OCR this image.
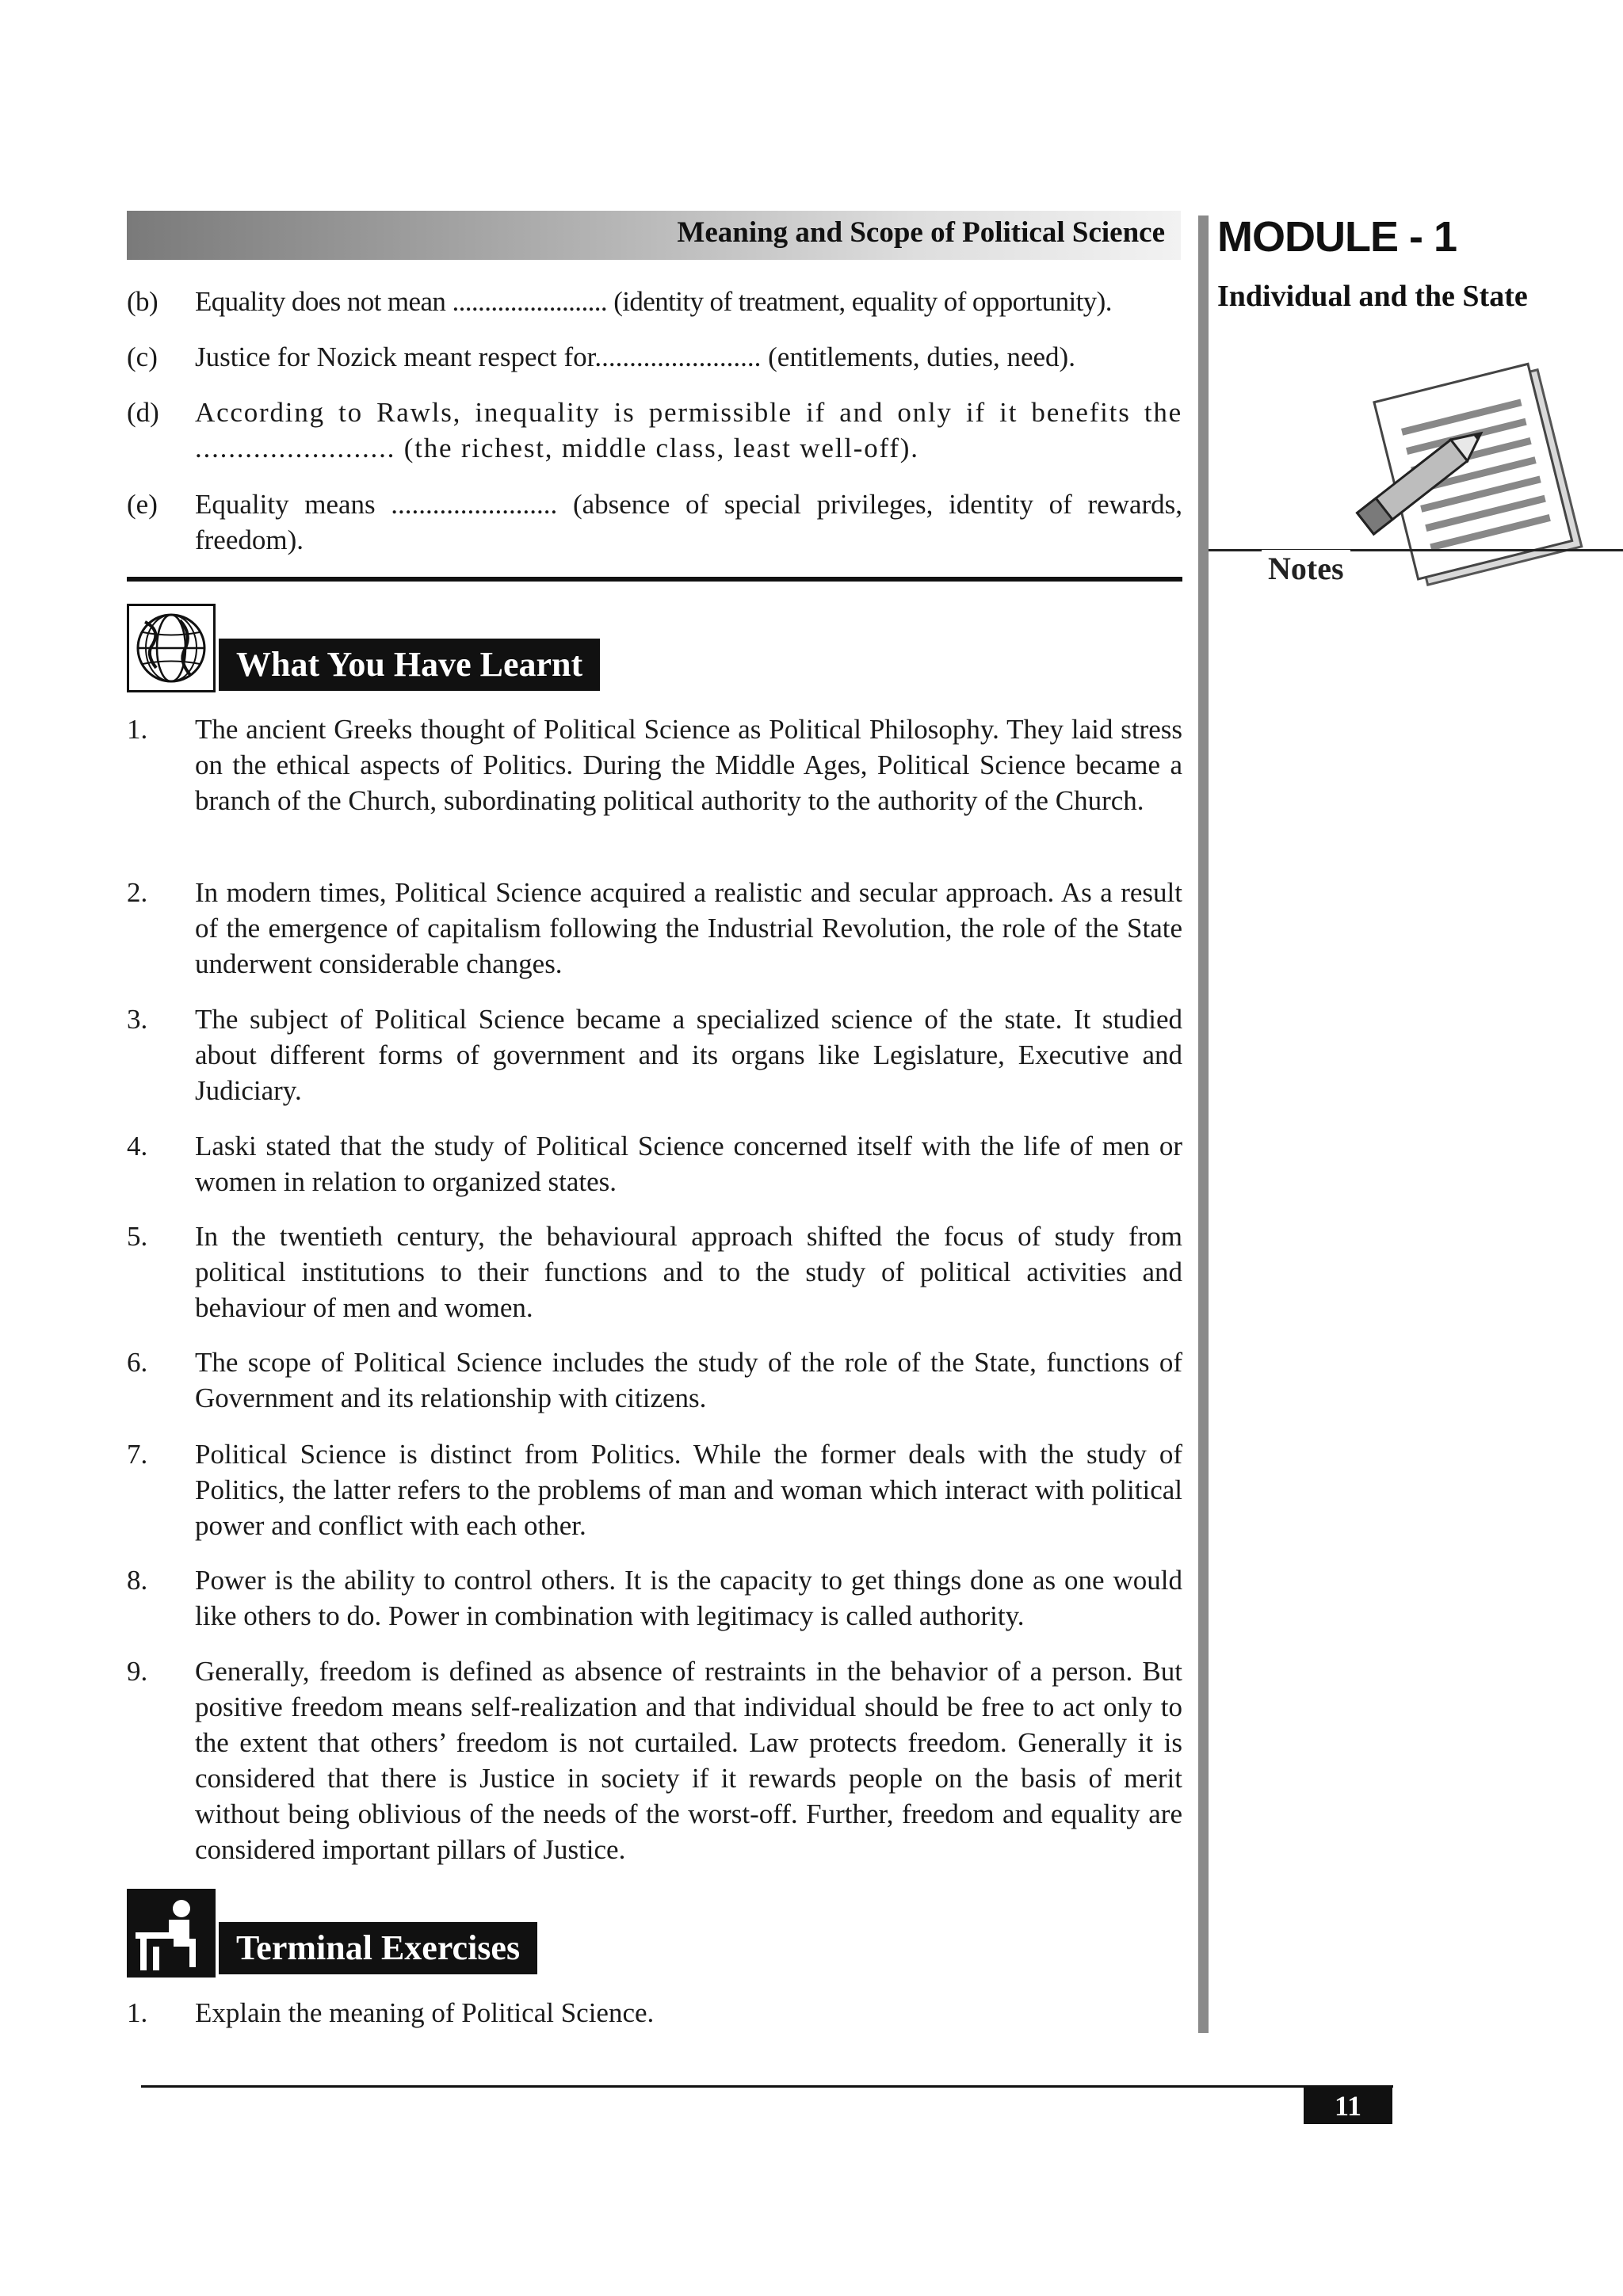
Meaning and Scope of Political Science MODULE - 1
Individual and the State
Notes
(b) Equality does not mean ........................ (identity of treatment, equality of opportunity).
(c) Justice for Nozick meant respect for........................ (entitlements, duties, need).
(d) According to Rawls, inequality is permissible if and only if it benefits the ........................ (the richest, middle class, least well-off).
(e) Equality means ........................ (absence of special privileges, identity of rewards, freedom).
What You Have Learnt
1. The ancient Greeks thought of Political Science as Political Philosophy. They laid stress on the ethical aspects of Politics. During the Middle Ages, Political Science became a branch of the Church, subordinating political authority to the authority of the Church.
2. In modern times, Political Science acquired a realistic and secular approach. As a result of the emergence of capitalism following the Industrial Revolution, the role of the State underwent considerable changes.
3. The subject of Political Science became a specialized science of the state. It studied about different forms of government and its organs like Legislature, Executive and Judiciary.
4. Laski stated that the study of Political Science concerned itself with the life of men or women in relation to organized states.
5. In the twentieth century, the behavioural approach shifted the focus of study from political institutions to their functions and to the study of political activities and behaviour of men and women.
6. The scope of Political Science includes the study of the role of the State, functions of Government and its relationship with citizens.
7. Political Science is distinct from Politics. While the former deals with the study of Politics, the latter refers to the problems of man and woman which interact with political power and conflict with each other.
8. Power is the ability to control others. It is the capacity to get things done as one would like others to do. Power in combination with legitimacy is called authority.
9. Generally, freedom is defined as absence of restraints in the behavior of a person. But positive freedom means self-realization and that individual should be free to act only to the extent that others’ freedom is not curtailed. Law protects freedom. Generally it is considered that there is Justice in society if it rewards people on the basis of merit without being oblivious of the needs of the worst-off. Further, freedom and equality are considered important pillars of Justice.
Terminal Exercises
1. Explain the meaning of Political Science.
11
